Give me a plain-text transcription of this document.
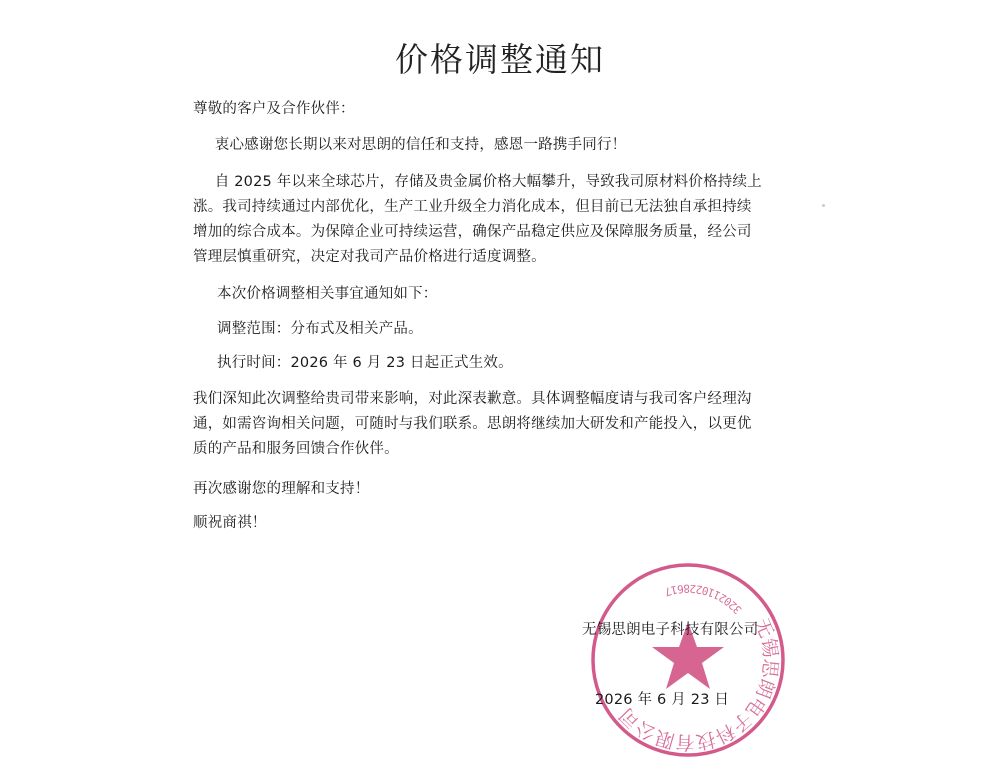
价格调整通知
尊敬的客户及合作伙伴：
衷心感谢您长期以来对思朗的信任和支持，感恩一路携手同行！
自 2025 年以来全球芯片，存储及贵金属价格大幅攀升，导致我司原材料价格持续上
涨。我司持续通过内部优化，生产工业升级全力消化成本，但目前已无法独自承担持续
增加的综合成本。为保障企业可持续运营，确保产品稳定供应及保障服务质量，经公司
管理层慎重研究，决定对我司产品价格进行适度调整。
本次价格调整相关事宜通知如下：
调整范围：分布式及相关产品。
执行时间：2026 年 6 月 23 日起正式生效。
我们深知此次调整给贵司带来影响，对此深表歉意。具体调整幅度请与我司客户经理沟
通，如需咨询相关问题，可随时与我们联系。思朗将继续加大研发和产能投入，以更优
质的产品和服务回馈合作伙伴。
再次感谢您的理解和支持！
顺祝商祺！
无锡思朗电子科技有限公司
3202110228617
无锡思朗电子科技有限公司
2026 年 6 月 23 日
